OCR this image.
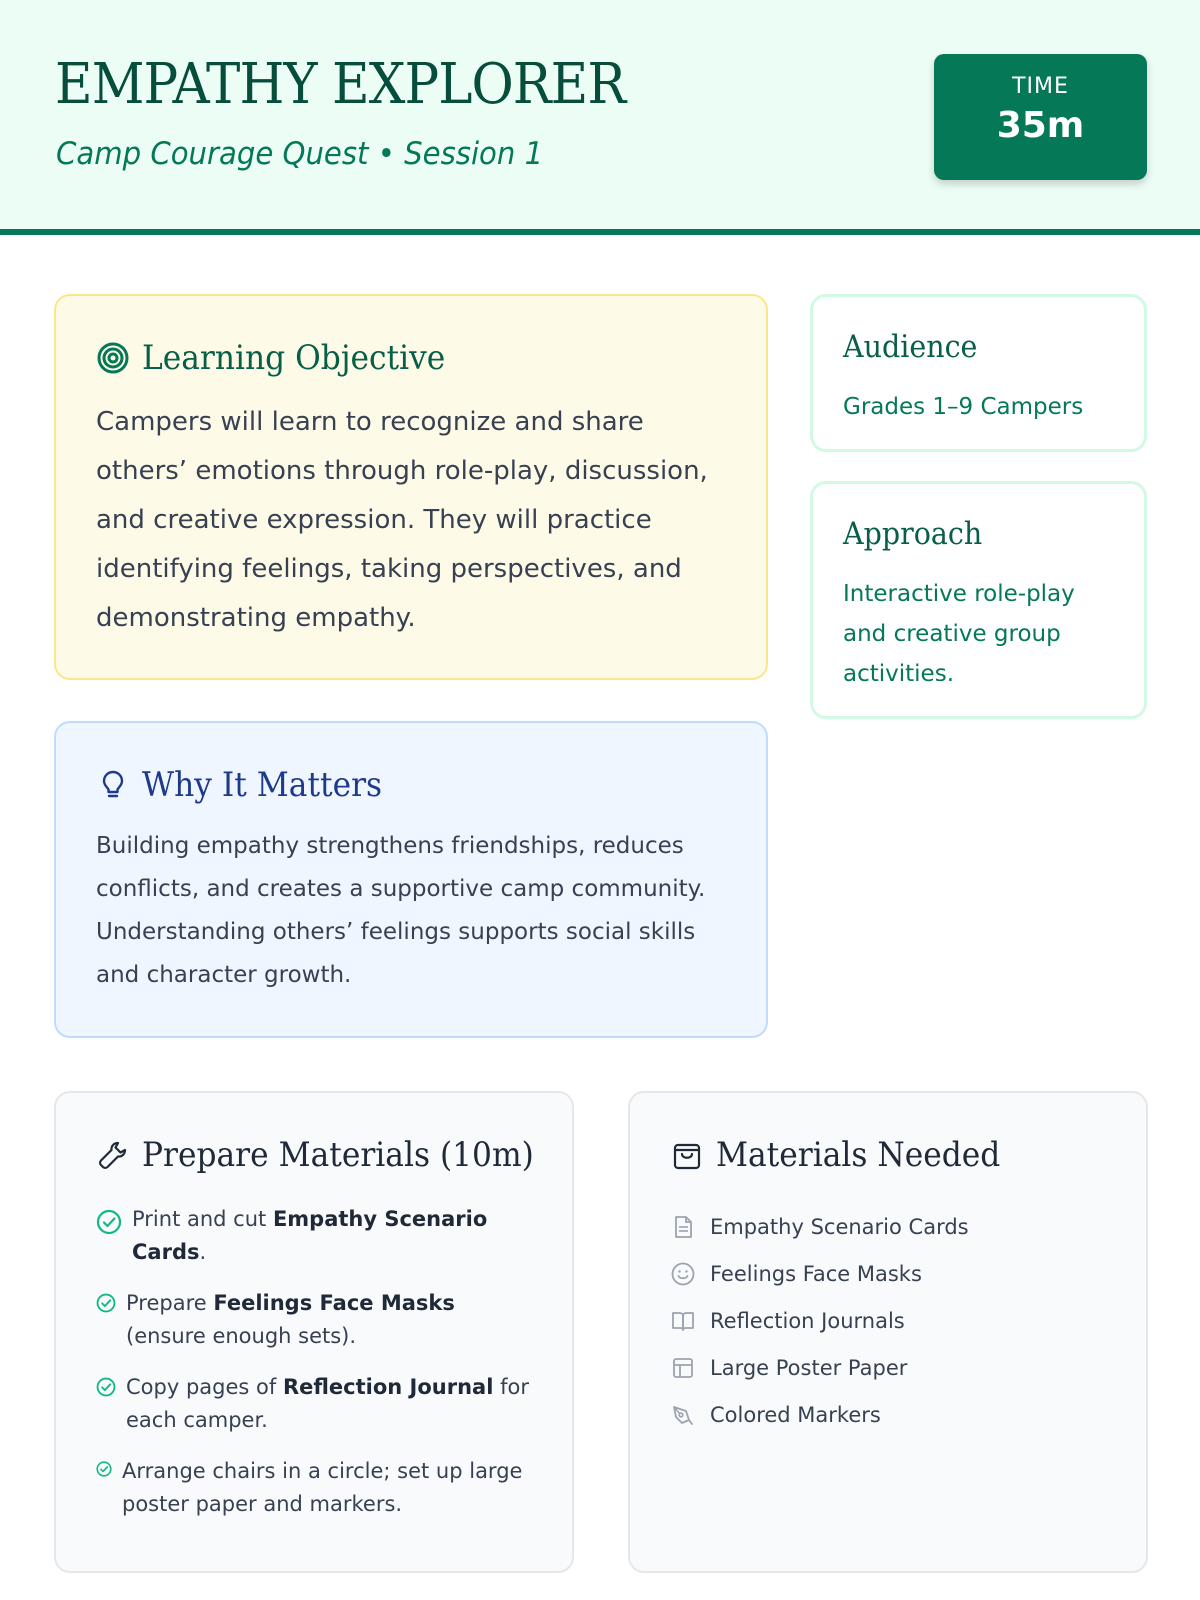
EMPATHY EXPLORER
Camp Courage Quest • Session 1
TIME
35m
Learning Objective

Campers will learn to recognize and share others’ emotions through role-play, discussion, and creative expression. They will practice identifying feelings, taking perspectives, and demonstrating empathy.

Why It Matters

Building empathy strengthens friendships, reduces conflicts, and creates a supportive camp community. Understanding others’ feelings supports social skills and character growth.

Audience

Grades 1–9 Campers

Approach

Interactive role-play and creative group activities.

Prepare Materials (10m)
Print and cut Empathy Scenario Cards.
Prepare Feelings Face Masks (ensure enough sets).
Copy pages of Reflection Journal for each camper.
Arrange chairs in a circle; set up large poster paper and markers.
Materials Needed
Empathy Scenario Cards
Feelings Face Masks
Reflection Journals
Large Poster Paper
Colored Markers
